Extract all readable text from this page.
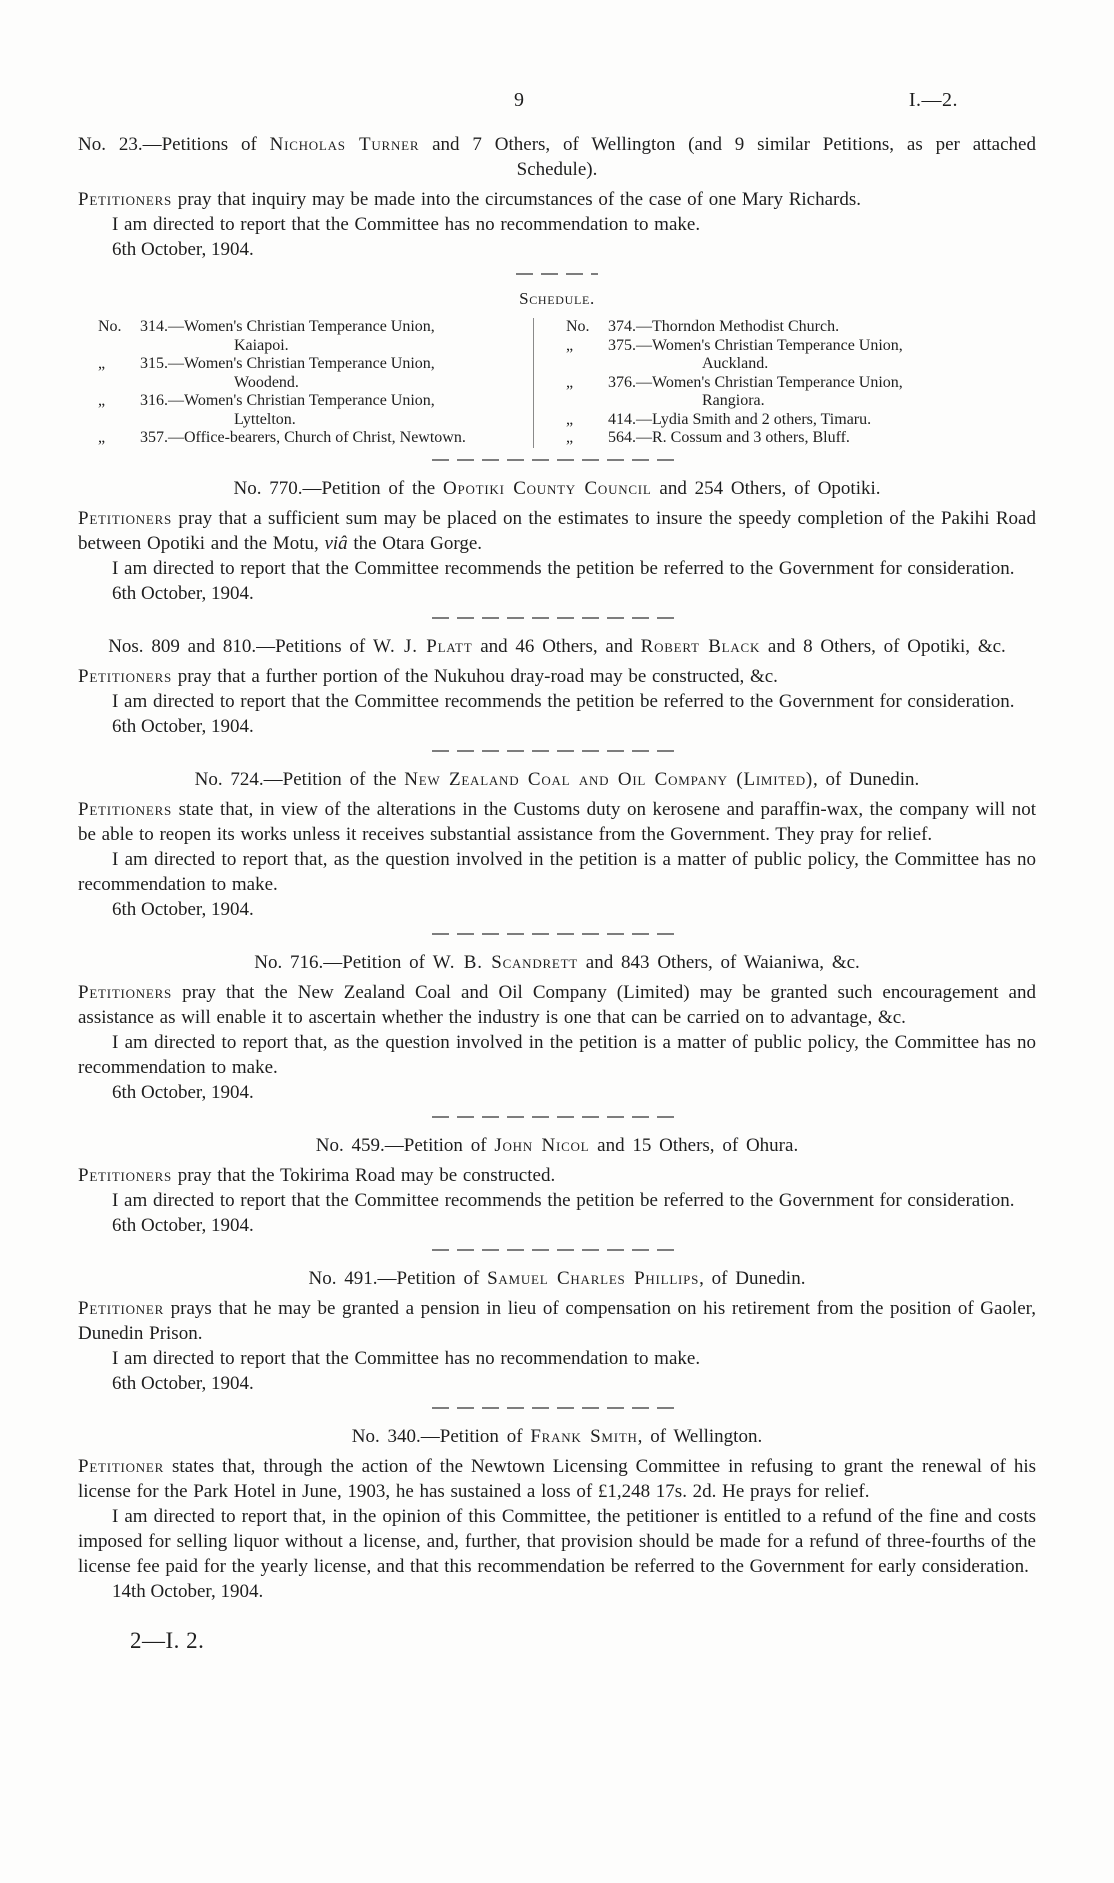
9	I.—2.

No. 23.—Petitions of Nicholas Turner and 7 Others, of Wellington (and 9 similar Petitions, as per attached Schedule).

Petitioners pray that inquiry may be made into the circumstances of the case of one Mary Richards.

I am directed to report that the Committee has no recommendation to make.

6th October, 1904.

Schedule.

No.	314.—Women's Christian Temperance Union,
Kaiapoi.
„	315.—Women's Christian Temperance Union,
Woodend.
„	316.—Women's Christian Temperance Union,
Lyttelton.
„	357.—Office-bearers, Church of Christ, Newtown.
No.	374.—Thorndon Methodist Church.
„	375.—Women's Christian Temperance Union,
Auckland.
„	376.—Women's Christian Temperance Union,
Rangiora.
„	414.—Lydia Smith and 2 others, Timaru.
„	564.—R. Cossum and 3 others, Bluff.

No. 770.—Petition of the Opotiki County Council and 254 Others, of Opotiki.

Petitioners pray that a sufficient sum may be placed on the estimates to insure the speedy completion of the Pakihi Road between Opotiki and the Motu, viâ the Otara Gorge.

I am directed to report that the Committee recommends the petition be referred to the Government for consideration.

6th October, 1904.

Nos. 809 and 810.—Petitions of W. J. Platt and 46 Others, and Robert Black and 8 Others, of Opotiki, &c.

Petitioners pray that a further portion of the Nukuhou dray-road may be constructed, &c.

I am directed to report that the Committee recommends the petition be referred to the Government for consideration.

6th October, 1904.

No. 724.—Petition of the New Zealand Coal and Oil Company (Limited), of Dunedin.

Petitioners state that, in view of the alterations in the Customs duty on kerosene and paraffin-wax, the company will not be able to reopen its works unless it receives substantial assistance from the Government. They pray for relief.

I am directed to report that, as the question involved in the petition is a matter of public policy, the Committee has no recommendation to make.

6th October, 1904.

No. 716.—Petition of W. B. Scandrett and 843 Others, of Waianiwa, &c.

Petitioners pray that the New Zealand Coal and Oil Company (Limited) may be granted such encouragement and assistance as will enable it to ascertain whether the industry is one that can be carried on to advantage, &c.

I am directed to report that, as the question involved in the petition is a matter of public policy, the Committee has no recommendation to make.

6th October, 1904.

No. 459.—Petition of John Nicol and 15 Others, of Ohura.

Petitioners pray that the Tokirima Road may be constructed.

I am directed to report that the Committee recommends the petition be referred to the Government for consideration.

6th October, 1904.

No. 491.—Petition of Samuel Charles Phillips, of Dunedin.

Petitioner prays that he may be granted a pension in lieu of compensation on his retirement from the position of Gaoler, Dunedin Prison.

I am directed to report that the Committee has no recommendation to make.

6th October, 1904.

No. 340.—Petition of Frank Smith, of Wellington.

Petitioner states that, through the action of the Newtown Licensing Committee in refusing to grant the renewal of his license for the Park Hotel in June, 1903, he has sustained a loss of £1,248 17s. 2d. He prays for relief.

I am directed to report that, in the opinion of this Committee, the petitioner is entitled to a refund of the fine and costs imposed for selling liquor without a license, and, further, that provision should be made for a refund of three-fourths of the license fee paid for the yearly license, and that this recommendation be referred to the Government for early consideration.

14th October, 1904.

2—I. 2.
